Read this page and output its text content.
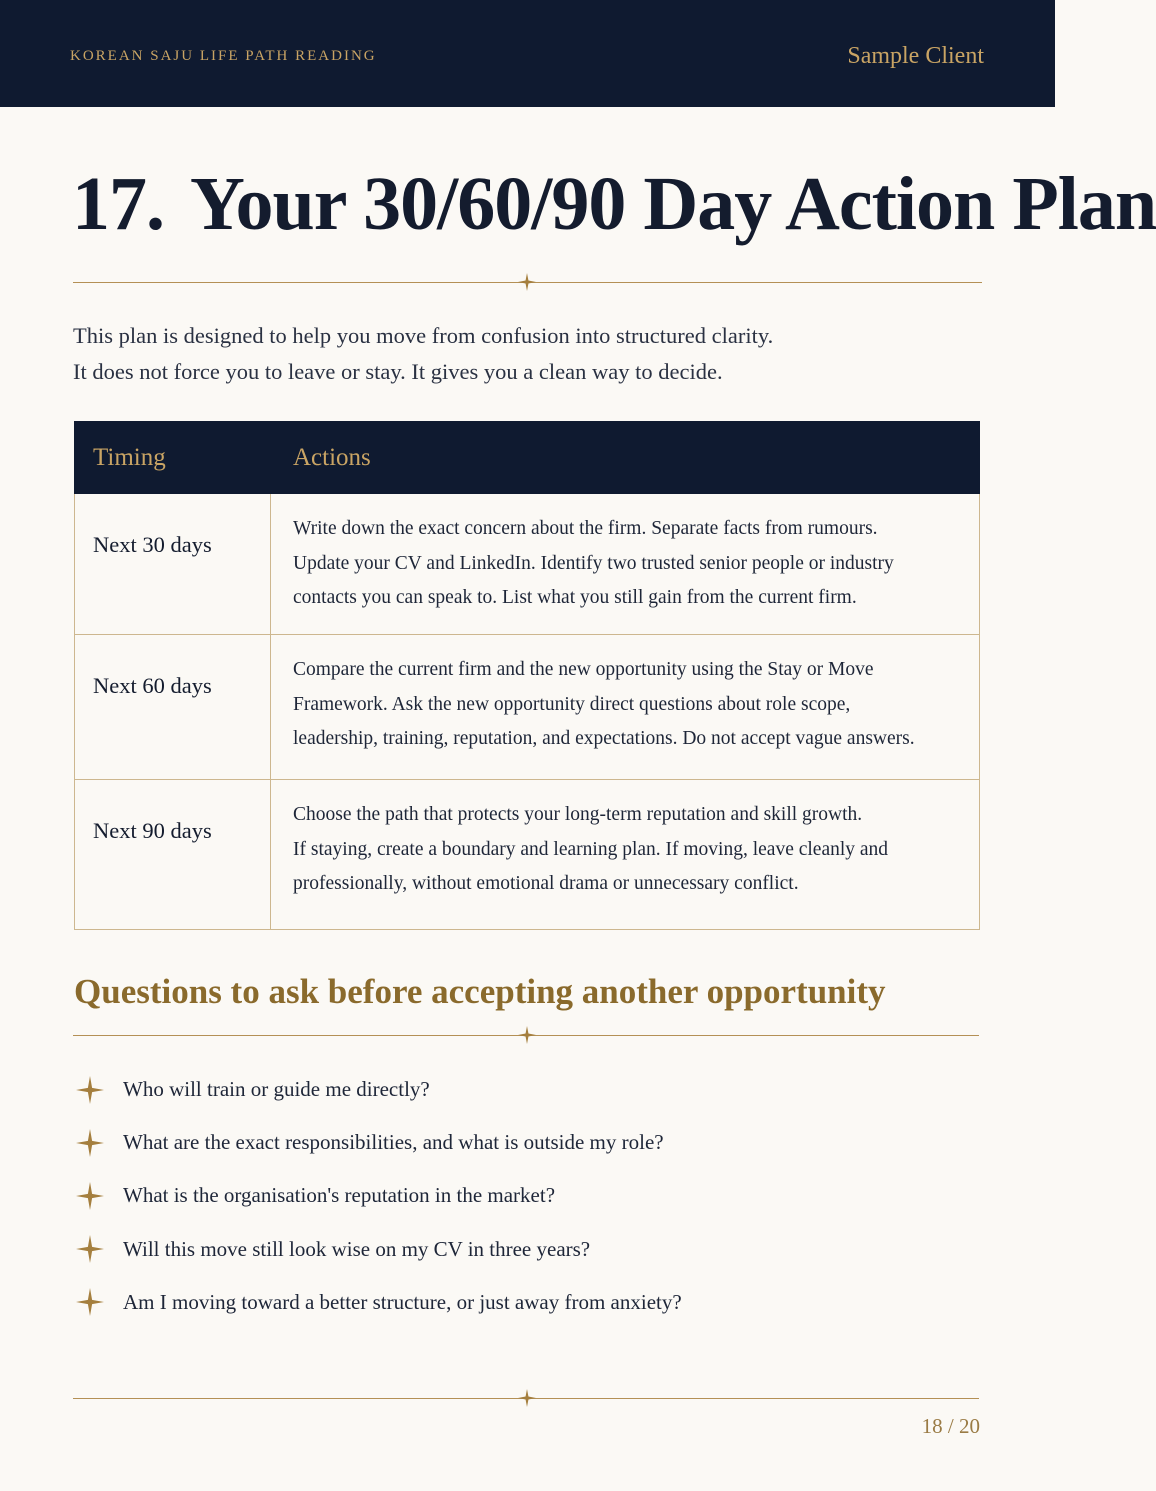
KOREAN SAJU LIFE PATH READING	Sample Client
17. Your 30/60/90 Day Action Plan
This plan is designed to help you move from confusion into structured clarity.
It does not force you to leave or stay. It gives you a clean way to decide.
Timing	Actions
Next 30 days	Write down the exact concern about the firm. Separate facts from rumours.
Update your CV and LinkedIn. Identify two trusted senior people or industry
contacts you can speak to. List what you still gain from the current firm.

Next 60 days	Compare the current firm and the new opportunity using the Stay or Move
Framework. Ask the new opportunity direct questions about role scope,
leadership, training, reputation, and expectations. Do not accept vague answers.

Next 90 days	Choose the path that protects your long-term reputation and skill growth.
If staying, create a boundary and learning plan. If moving, leave cleanly and
professionally, without emotional drama or unnecessary conflict.
Questions to ask before accepting another opportunity
Who will train or guide me directly?
What are the exact responsibilities, and what is outside my role?
What is the organisation's reputation in the market?
Will this move still look wise on my CV in three years?
Am I moving toward a better structure, or just away from anxiety?
18 / 20
